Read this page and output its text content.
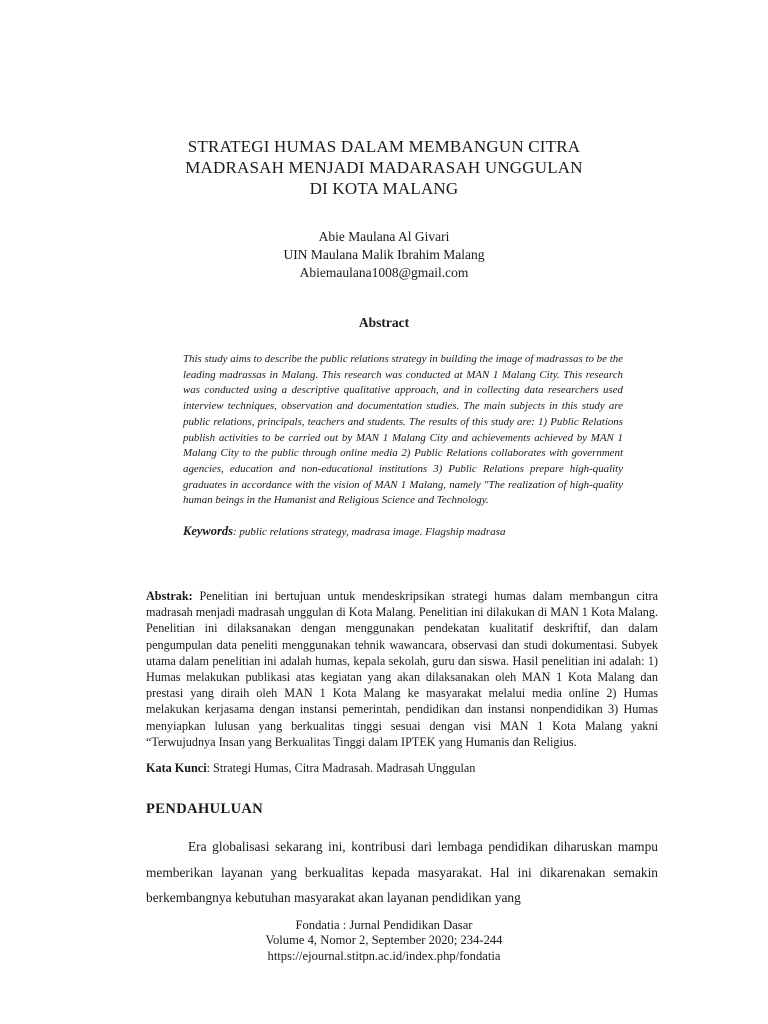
STRATEGI HUMAS DALAM MEMBANGUN CITRA
MADRASAH MENJADI MADARASAH UNGGULAN
DI KOTA MALANG
Abie Maulana Al Givari
UIN Maulana Malik Ibrahim Malang
Abiemaulana1008@gmail.com
Abstract
This study aims to describe the public relations strategy in building the image of madrassas to be the leading madrassas in Malang. This research was conducted at MAN 1 Malang City. This research was conducted using a descriptive qualitative approach, and in collecting data researchers used interview techniques, observation and documentation studies. The main subjects in this study are public relations, principals, teachers and students. The results of this study are: 1) Public Relations publish activities to be carried out by MAN 1 Malang City and achievements achieved by MAN 1 Malang City to the public through online media 2) Public Relations collaborates with government agencies, education and non-educational institutions 3) Public Relations prepare high-quality graduates in accordance with the vision of MAN 1 Malang, namely "The realization of high-quality human beings in the Humanist and Religious Science and Technology.
Keywords: public relations strategy, madrasa image. Flagship madrasa
Abstrak: Penelitian ini bertujuan untuk mendeskripsikan strategi humas dalam membangun citra madrasah menjadi madrasah unggulan di Kota Malang. Penelitian ini dilakukan di MAN 1 Kota Malang. Penelitian ini dilaksanakan dengan menggunakan pendekatan kualitatif deskriftif, dan dalam pengumpulan data peneliti menggunakan tehnik wawancara, observasi dan studi dokumentasi. Subyek utama dalam penelitian ini adalah humas, kepala sekolah, guru dan siswa. Hasil penelitian ini adalah: 1) Humas melakukan publikasi atas kegiatan yang akan dilaksanakan oleh MAN 1 Kota Malang dan prestasi yang diraih oleh MAN 1 Kota Malang ke masyarakat melalui media online 2) Humas melakukan kerjasama dengan instansi pemerintah, pendidikan dan instansi nonpendidikan 3) Humas menyiapkan lulusan yang berkualitas tinggi sesuai dengan visi MAN 1 Kota Malang yakni “Terwujudnya Insan yang Berkualitas Tinggi dalam IPTEK yang Humanis dan Religius.
Kata Kunci: Strategi Humas, Citra Madrasah. Madrasah Unggulan
PENDAHULUAN
Era globalisasi sekarang ini, kontribusi dari lembaga pendidikan diharuskan mampu memberikan layanan yang berkualitas kepada masyarakat. Hal ini dikarenakan semakin berkembangnya kebutuhan masyarakat akan layanan pendidikan yang
Fondatia : Jurnal Pendidikan Dasar
Volume 4, Nomor 2, September 2020; 234-244
https://ejournal.stitpn.ac.id/index.php/fondatia
